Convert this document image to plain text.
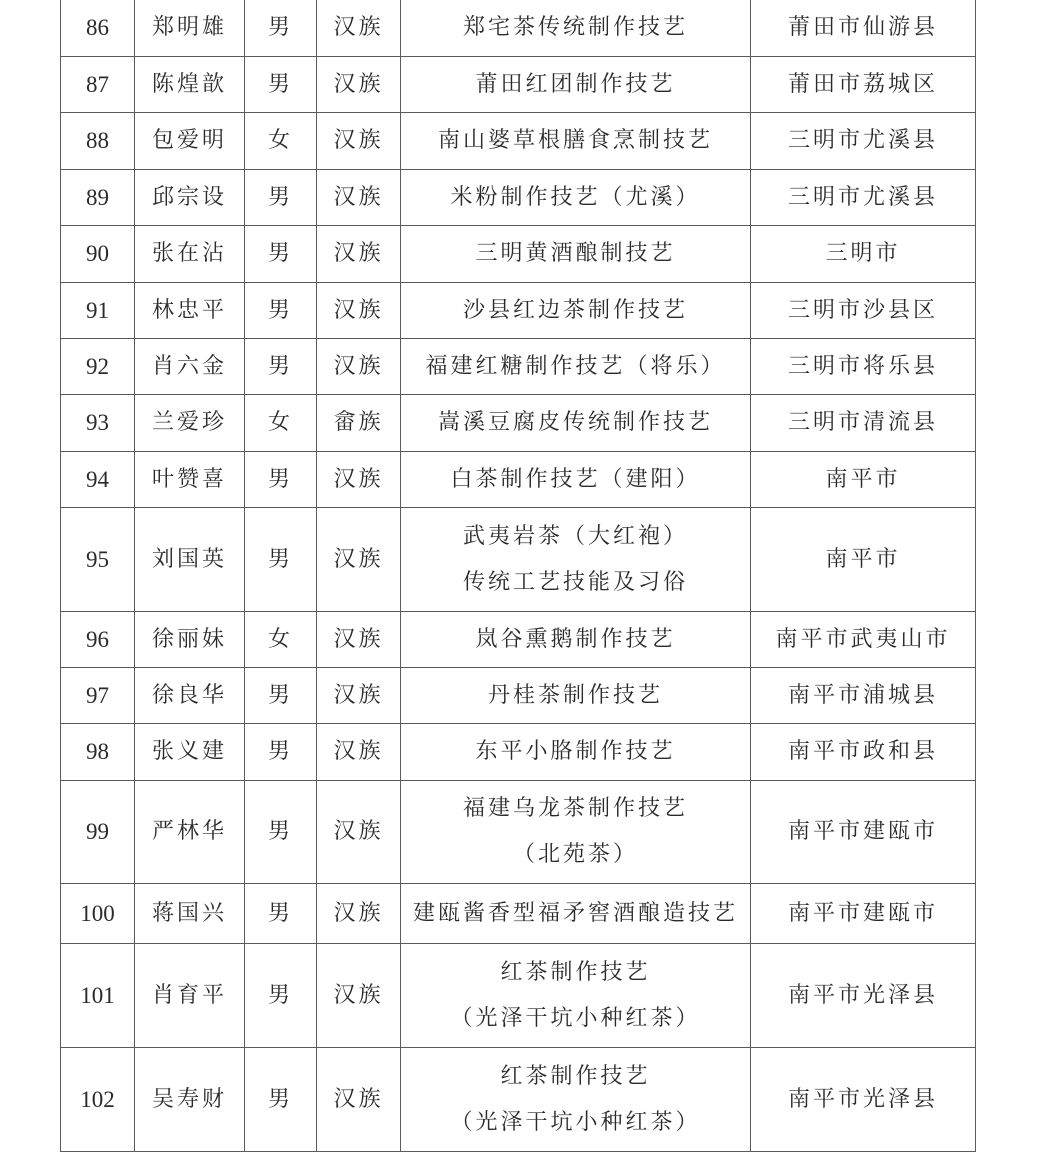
86	郑明雄	男	汉族	郑宅茶传统制作技艺	莆田市仙游县
87	陈煌歆	男	汉族	莆田红团制作技艺	莆田市荔城区
88	包爱明	女	汉族	南山婆草根膳食烹制技艺	三明市尤溪县
89	邱宗设	男	汉族	米粉制作技艺（尤溪）	三明市尤溪县
90	张在沾	男	汉族	三明黄酒酿制技艺	三明市
91	林忠平	男	汉族	沙县红边茶制作技艺	三明市沙县区
92	肖六金	男	汉族	福建红糖制作技艺（将乐）	三明市将乐县
93	兰爱珍	女	畲族	嵩溪豆腐皮传统制作技艺	三明市清流县
94	叶赞喜	男	汉族	白茶制作技艺（建阳）	南平市
95	刘国英	男	汉族	武夷岩茶（大红袍）
传统工艺技能及习俗	南平市
96	徐丽妹	女	汉族	岚谷熏鹅制作技艺	南平市武夷山市
97	徐良华	男	汉族	丹桂茶制作技艺	南平市浦城县
98	张义建	男	汉族	东平小胳制作技艺	南平市政和县
99	严林华	男	汉族	福建乌龙茶制作技艺
（北苑茶）	南平市建瓯市
100	蒋国兴	男	汉族	建瓯酱香型福矛窖酒酿造技艺	南平市建瓯市
101	肖育平	男	汉族	红茶制作技艺
（光泽干坑小种红茶）	南平市光泽县
102	吴寿财	男	汉族	红茶制作技艺
（光泽干坑小种红茶）	南平市光泽县
